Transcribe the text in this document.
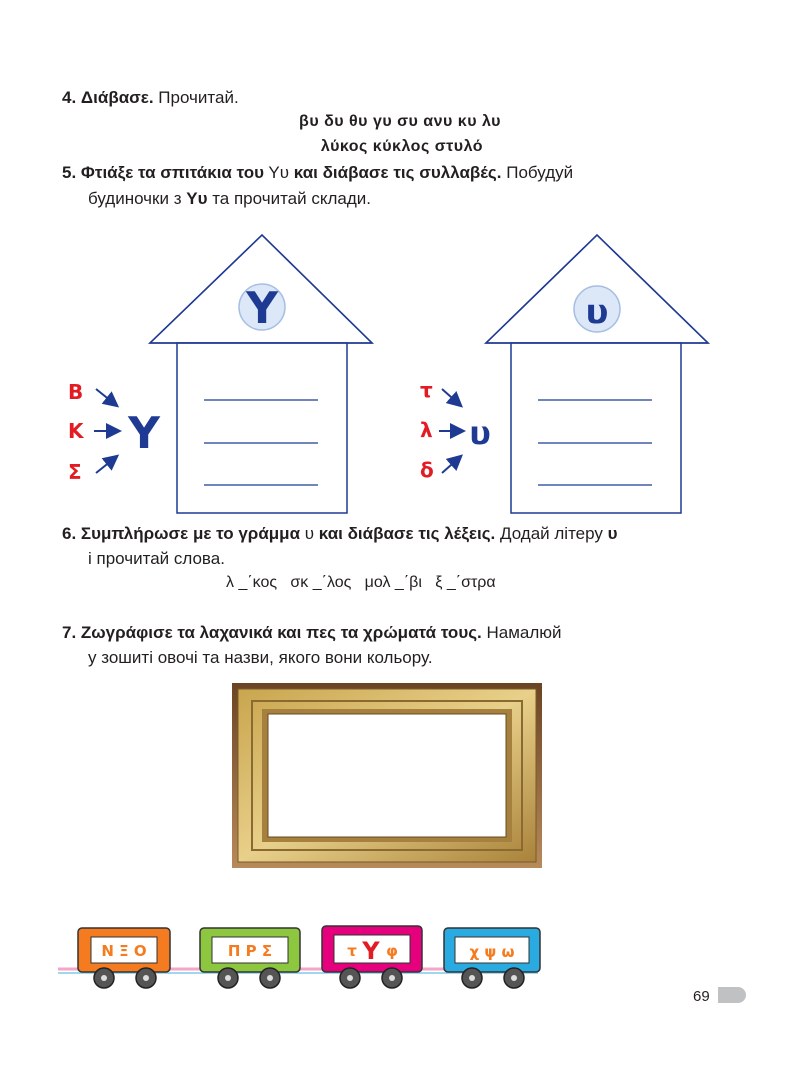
4. Διάβασε. Прочитай.
βυ δυ θυ γυ συ ανυ κυ λυ
λύκος κύκλος στυλό
5. Φτιάξε τα σπιτάκια του Υυ και διάβασε τις συλλαβές. Побудуй
будиночки з Υυ та прочитай склади.
Υ
Β
Κ
Σ
Υ
υ
τ
λ
δ
υ
6. Συμπλήρωσε με το γράμμα υ και διάβασε τις λέξεις. Додай літеру υ
і прочитай слова.
λ _΄κος   σκ _΄λος   μολ _΄βι   ξ _΄στρα
7. Ζωγράφισε τα λαχανικά και πες τα χρώματά τους. Намалюй
у зошиті овочі та назви, якого вони кольору.
Ν Ξ Ο	Π Ρ Σ	τ Υ φ	χ ψ ω
69
